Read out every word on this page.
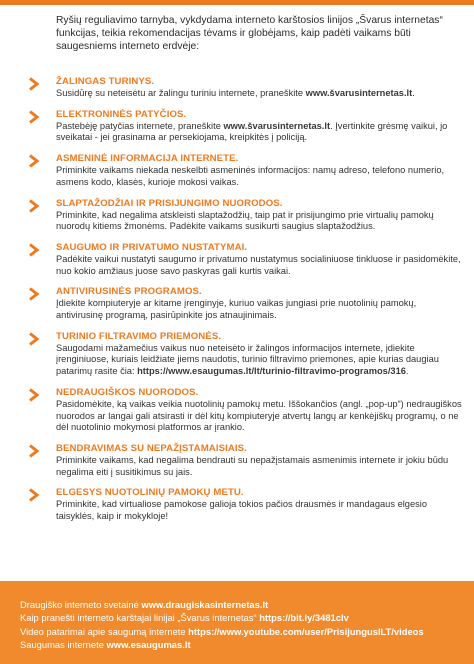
Ryšių reguliavimo tarnyba, vykdydama interneto karštosios linijos „Švarus internetas“ funkcijas, teikia rekomendacijas tėvams ir globėjams, kaip padėti vaikams būti saugesniems interneto erdvėje:
ŽALINGAS TURINYS.
Susidūrę su neteisėtu ar žalingu turiniu internete, praneškite www.švarusinternetas.lt.
ELEKTRONINĖS PATYČIOS.
Pastebėję patyčias internete, praneškite www.švarusinternetas.lt. Įvertinkite grėsmę vaikui, jo sveikatai - jei grasinama ar persekiojama, kreipkitės į policiją.
ASMENINĖ INFORMACIJA INTERNETE.
Priminkite vaikams niekada neskelbti asmeninės informacijos: namų adreso, telefono numerio, asmens kodo, klasės, kurioje mokosi vaikas.
SLAPTAŽODŽIAI IR PRISIJUNGIMO NUORODOS.
Priminkite, kad negalima atskleisti slaptažodžių, taip pat ir prisijungimo prie virtualių pamokų nuorodų kitiems žmonėms. Padėkite vaikams susikurti saugius slaptažodžius.
SAUGUMO IR PRIVATUMO NUSTATYMAI.
Padėkite vaikui nustatyti saugumo ir privatumo nustatymus socialiniuose tinkluose ir pasidomėkite, nuo kokio amžiaus juose savo paskyras gali kurtis vaikai.
ANTIVIRUSINĖS PROGRAMOS.
Įdiekite kompiuteryje ar kitame įrenginyje, kuriuo vaikas jungiasi prie nuotolinių pamokų, antivirusinę programą, pasirūpinkite jos atnaujinimais.
TURINIO FILTRAVIMO PRIEMONĖS.
Saugodami mažamečius vaikus nuo neteisėto ir žalingos informacijos internete, įdiekite įrenginiuose, kuriais leidžiate jiems naudotis, turinio filtravimo priemones, apie kurias daugiau patarimų rasite čia: https://www.esaugumas.lt/lt/turinio-filtravimo-programos/316.
NEDRAUGIŠKOS NUORODOS.
Pasidomėkite, ką vaikas veikia nuotolinių pamokų metu. Iššokančios (angl. „pop-up“) nedraugiškos nuorodos ar langai gali atsirasti ir dėl kitų kompiuteryje atvertų langų ar kenkėjiškų programų, o ne dėl nuotolinio mokymosi platformos ar įrankio.
BENDRAVIMAS SU NEPAŽĮSTAMAISIAIS.
Priminkite vaikams, kad negalima bendrauti su nepažįstamais asmenimis internete ir jokiu būdu negalima eiti į susitikimus su jais.
ELGESYS NUOTOLINIŲ PAMOKŲ METU.
Priminkite, kad virtualiose pamokose galioja tokios pačios drausmės ir mandagaus elgesio taisyklės, kaip ir mokykloje!
Draugiško interneto svetainė www.draugiskasinternetas.lt
Kaip pranešti interneto karštajai linijai „Švarus internetas“ https://bit.ly/3481cIv
Video patarimai apie saugumą internete https://www.youtube.com/user/PrisijungusILT/videos
Saugumas internete www.esaugumas.lt
